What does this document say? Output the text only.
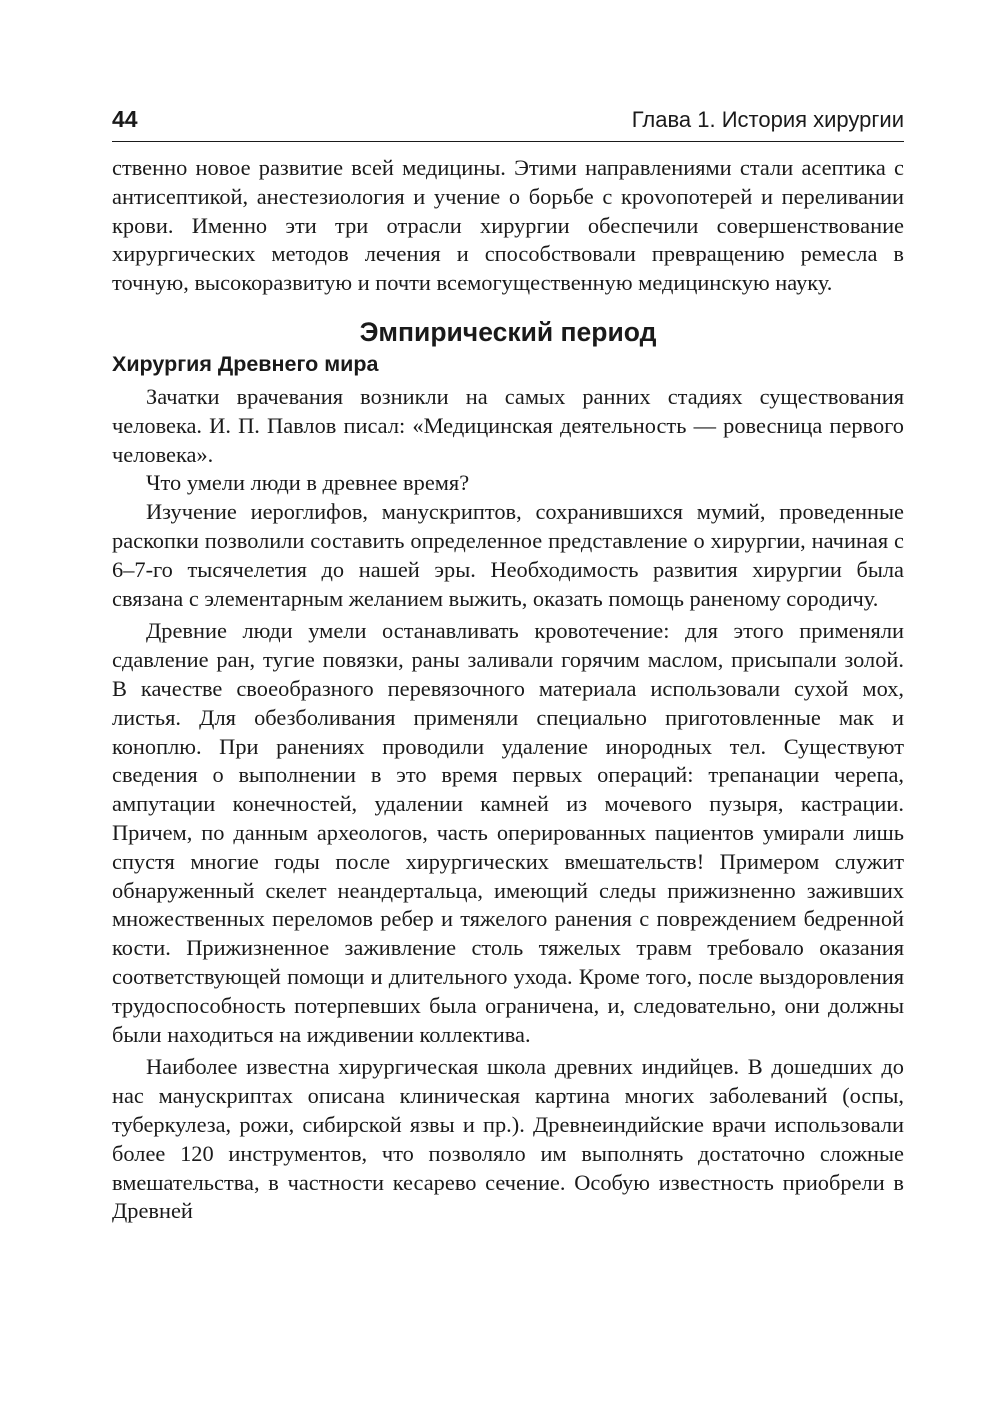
44	Глава 1. История хирургии

ственно новое развитие всей медицины. Этими направлениями стали асептика с антисептикой, анестезиология и учение о борьбе с кроvопотерей и переливании крови. Именно эти три отрасли хирургии обеспечили совершенствование хирургических методов лечения и способствовали превращению ремесла в точную, высокоразвитую и почти всемогущественную медицинскую науку.

Эмпирический период
Хирургия Древнего мира

Зачатки врачевания возникли на самых ранних стадиях существования человека. И. П. Павлов писал: «Медицинская деятельность — ровесница первого человека».

Что умели люди в древнее время?

Изучение иероглифов, манускриптов, сохранившихся мумий, проведенные раскопки позволили составить определенное представление о хирургии, начиная с 6–7-го тысячелетия до нашей эры. Необходимость развития хирургии была связана с элементарным желанием выжить, оказать помощь раненому сородичу.

Древние люди умели останавливать кровотечение: для этого применяли сдавление ран, тугие повязки, раны заливали горячим маслом, присыпали золой. В качестве своеобразного перевязочного материала использовали сухой мох, листья. Для обезболивания применяли специально приготовленные мак и коноплю. При ранениях проводили удаление инородных тел. Существуют сведения о выполнении в это время первых операций: трепанации черепа, ампутации конечностей, удалении камней из мочевого пузыря, кастрации. Причем, по данным археологов, часть оперированных пациентов умирали лишь спустя многие годы после хирургических вмешательств! Примером служит обнаруженный скелет неандертальца, имеющий следы прижизненно заживших множественных переломов ребер и тяжелого ранения с повреждением бедренной кости. Прижизненное заживление столь тяжелых травм требовало оказания соответствующей помощи и длительного ухода. Кроме того, после выздоровления трудоспособность потерпевших была ограничена, и, следовательно, они должны были находиться на иждивении коллектива.

Наиболее известна хирургическая школа древних индийцев. В дошедших до нас манускриптах описана клиническая картина многих заболеваний (оспы, туберкулеза, рожи, сибирской язвы и пр.). Древнеиндийские врачи использовали более 120 инструментов, что позволяло им выполнять достаточно сложные вмешательства, в частности кесарево сечение. Особую известность приобрели в Древней
